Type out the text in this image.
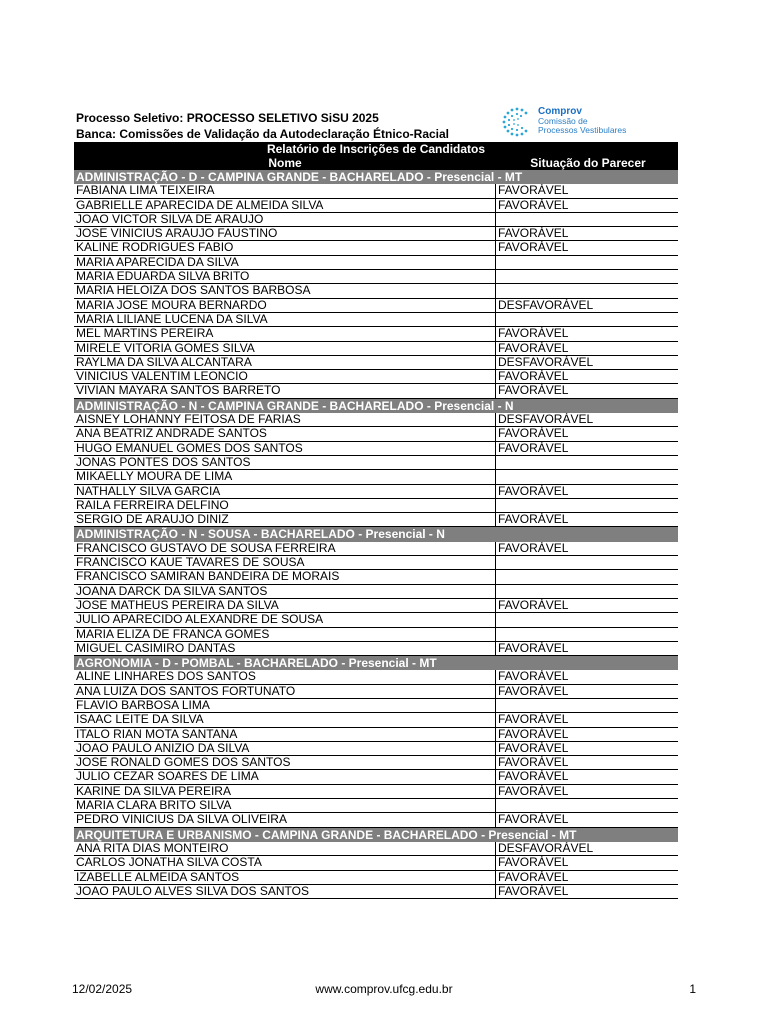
Processo Seletivo: PROCESSO SELETIVO SiSU 2025
Banca: Comissões de Validação da Autodeclaração Étnico-Racial
Comprov
Comissão de
Processos Vestibulares
Relatório de Inscrições de Candidatos
Nome	Situação do Parecer
ADMINISTRAÇÃO - D - CAMPINA GRANDE - BACHARELADO - Presencial - MT
FABIANA LIMA TEIXEIRA	FAVORÁVEL
GABRIELLE APARECIDA DE ALMEIDA SILVA	FAVORÁVEL
JOAO VICTOR SILVA DE ARAUJO
JOSE VINICIUS ARAUJO FAUSTINO	FAVORÁVEL
KALINE RODRIGUES FABIO	FAVORÁVEL
MARIA APARECIDA DA SILVA
MARIA EDUARDA SILVA BRITO
MARIA HELOIZA DOS SANTOS BARBOSA
MARIA JOSE MOURA BERNARDO	DESFAVORÁVEL
MARIA LILIANE LUCENA DA SILVA
MEL MARTINS PEREIRA	FAVORÁVEL
MIRELE VITORIA GOMES SILVA	FAVORÁVEL
RAYLMA DA SILVA ALCANTARA	DESFAVORÁVEL
VINICIUS VALENTIM LEONCIO	FAVORÁVEL
VIVIAN MAYARA SANTOS BARRETO	FAVORÁVEL
ADMINISTRAÇÃO - N - CAMPINA GRANDE - BACHARELADO - Presencial - N
AISNEY LOHANNY FEITOSA DE FARIAS	DESFAVORÁVEL
ANA BEATRIZ ANDRADE SANTOS	FAVORÁVEL
HUGO EMANUEL GOMES DOS SANTOS	FAVORÁVEL
JONAS PONTES DOS SANTOS
MIKAELLY MOURA DE LIMA
NATHALLY SILVA GARCIA	FAVORÁVEL
RAILA FERREIRA DELFINO
SERGIO DE ARAUJO DINIZ	FAVORÁVEL
ADMINISTRAÇÃO - N - SOUSA - BACHARELADO - Presencial - N
FRANCISCO GUSTAVO DE SOUSA FERREIRA	FAVORÁVEL
FRANCISCO KAUE TAVARES DE SOUSA
FRANCISCO SAMIRAN BANDEIRA DE MORAIS
JOANA DARCK DA SILVA SANTOS
JOSE MATHEUS PEREIRA DA SILVA	FAVORÁVEL
JULIO APARECIDO ALEXANDRE DE SOUSA
MARIA ELIZA DE FRANCA GOMES
MIGUEL CASIMIRO DANTAS	FAVORÁVEL
AGRONOMIA - D - POMBAL - BACHARELADO - Presencial - MT
ALINE LINHARES DOS SANTOS	FAVORÁVEL
ANA LUIZA DOS SANTOS FORTUNATO	FAVORÁVEL
FLAVIO BARBOSA LIMA
ISAAC LEITE DA SILVA	FAVORÁVEL
ITALO RIAN MOTA SANTANA	FAVORÁVEL
JOAO PAULO ANIZIO DA SILVA	FAVORÁVEL
JOSE RONALD GOMES DOS SANTOS	FAVORÁVEL
JULIO CEZAR SOARES DE LIMA	FAVORÁVEL
KARINE DA SILVA PEREIRA	FAVORÁVEL
MARIA CLARA BRITO SILVA
PEDRO VINICIUS DA SILVA OLIVEIRA	FAVORÁVEL
ARQUITETURA E URBANISMO - CAMPINA GRANDE - BACHARELADO - Presencial - MT
ANA RITA DIAS MONTEIRO	DESFAVORÁVEL
CARLOS JONATHA SILVA COSTA	FAVORÁVEL
IZABELLE ALMEIDA SANTOS	FAVORÁVEL
JOAO PAULO ALVES SILVA DOS SANTOS	FAVORÁVEL
12/02/2025	www.comprov.ufcg.edu.br	1
